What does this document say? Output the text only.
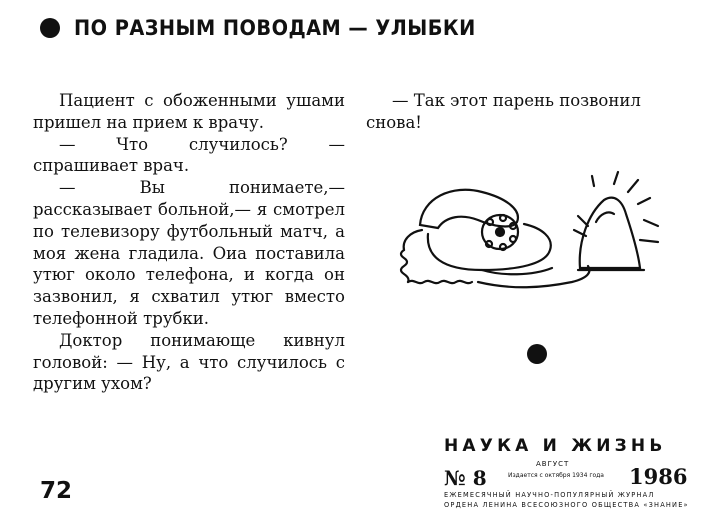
ПО РАЗНЫМ ПОВОДАМ — УЛЫБКИ

Пациент с обоженными ушами пришел на прием к врачу.

— Что случилось? — спрашивает врач.

— Вы понимаете,—рассказывает больной,— я смотрел по телевизору футбольный матч, а моя жена гладила. Оиа поставила утюг около телефона, и когда он зазвонил, я схватил утюг вместо телефонной трубки.

Доктор понимающе кивнул головой: — Ну, а что случилось с другим ухом?

— Так этот парень позвонил снова!

72
НАУКА И ЖИЗНЬ
№ 8
АВГУСТ
Издается с октября 1934 года 1986
ЕЖЕМЕСЯЧНЫЙ НАУЧНО-ПОПУЛЯРНЫЙ ЖУРНАЛ
ОРДЕНА ЛЕНИНА ВСЕСОЮЗНОГО ОБЩЕСТВА «ЗНАНИЕ»
